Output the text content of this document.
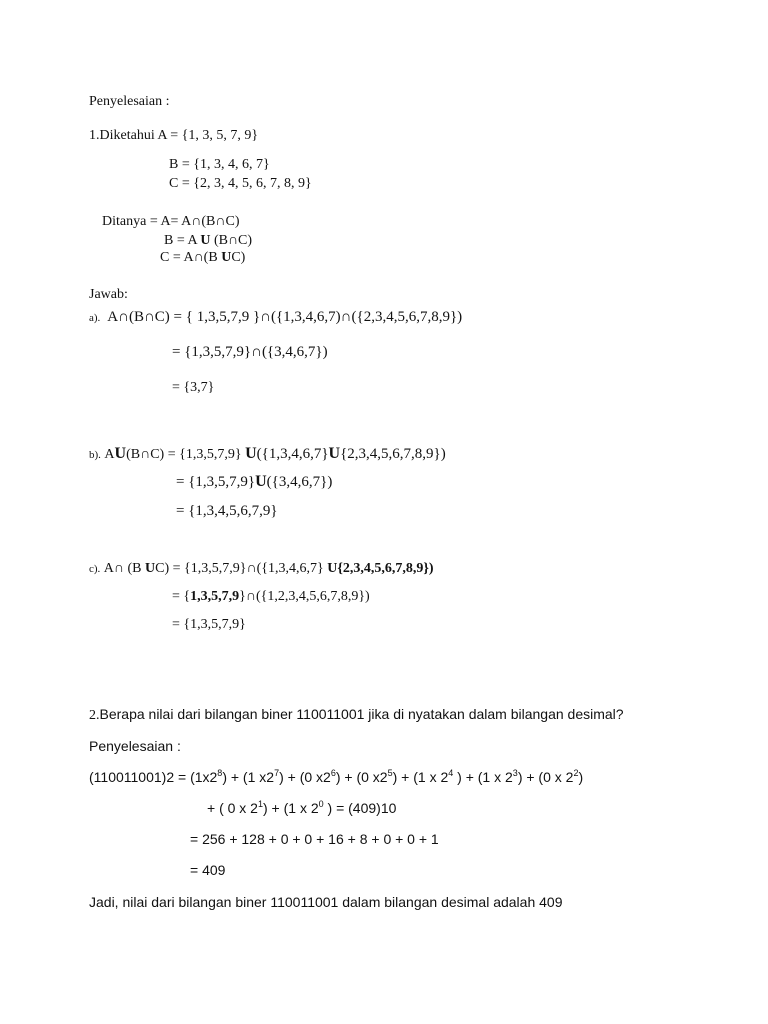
Penyelesaian :
1.Diketahui A = {1, 3, 5, 7, 9}
B = {1, 3, 4, 6, 7}
C = {2, 3, 4, 5, 6, 7, 8, 9}
Ditanya = A= A∩(B∩C)
B = A U (B∩C)
C = A∩(B UC)
Jawab:
a). A∩(B∩C) = { 1,3,5,7,9 }∩({1,3,4,6,7)∩({2,3,4,5,6,7,8,9})
= {1,3,5,7,9}∩({3,4,6,7})
= {3,7}
b). AU(B∩C) = {1,3,5,7,9} U({1,3,4,6,7}U{2,3,4,5,6,7,8,9})
= {1,3,5,7,9}U({3,4,6,7})
= {1,3,4,5,6,7,9}
c). A∩ (B UC) = {1,3,5,7,9}∩({1,3,4,6,7} U{2,3,4,5,6,7,8,9})
= {1,3,5,7,9}∩({1,2,3,4,5,6,7,8,9})
= {1,3,5,7,9}
2.Berapa nilai dari bilangan biner 110011001 jika di nyatakan dalam bilangan desimal?
Penyelesaian :
$(110011001)2 = (1x2^8) + (1$ $x2^7) + (0$ $x2^6) + (0$ $x2^5) + (1$ x $2^4$ ) + (1 x $2^3) + (0$ x $2^2$)
+ ( 0 x $2^1) + (1$ x $2^0$ ) = (409)10
= 256 + 128 + 0 + 0 + 16 + 8 + 0 + 0 + 1
= 409
Jadi, nilai dari bilangan biner 110011001 dalam bilangan desimal adalah 409
